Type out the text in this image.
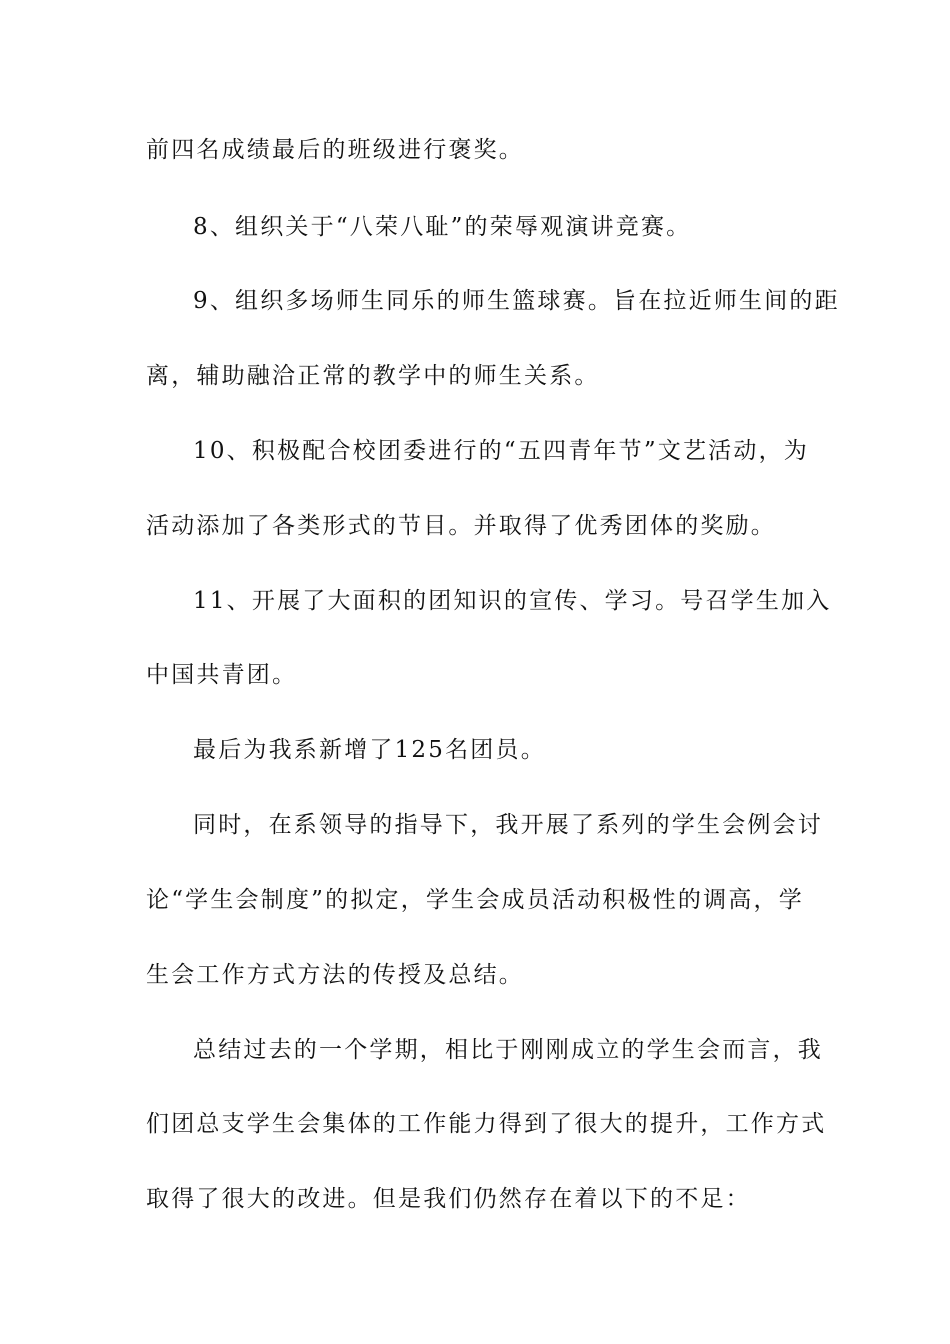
前四名成绩最后的班级进行褒奖。
8、组织关于“八荣八耻”的荣辱观演讲竞赛。
9、组织多场师生同乐的师生篮球赛。旨在拉近师生间的距
离，辅助融洽正常的教学中的师生关系。
10、积极配合校团委进行的“五四青年节”文艺活动，为
活动添加了各类形式的节目。并取得了优秀团体的奖励。
11、开展了大面积的团知识的宣传、学习。号召学生加入
中国共青团。
最后为我系新增了125名团员。
同时，在系领导的指导下，我开展了系列的学生会例会讨
论“学生会制度”的拟定，学生会成员活动积极性的调高，学
生会工作方式方法的传授及总结。
总结过去的一个学期，相比于刚刚成立的学生会而言，我
们团总支学生会集体的工作能力得到了很大的提升，工作方式
取得了很大的改进。但是我们仍然存在着以下的不足：
